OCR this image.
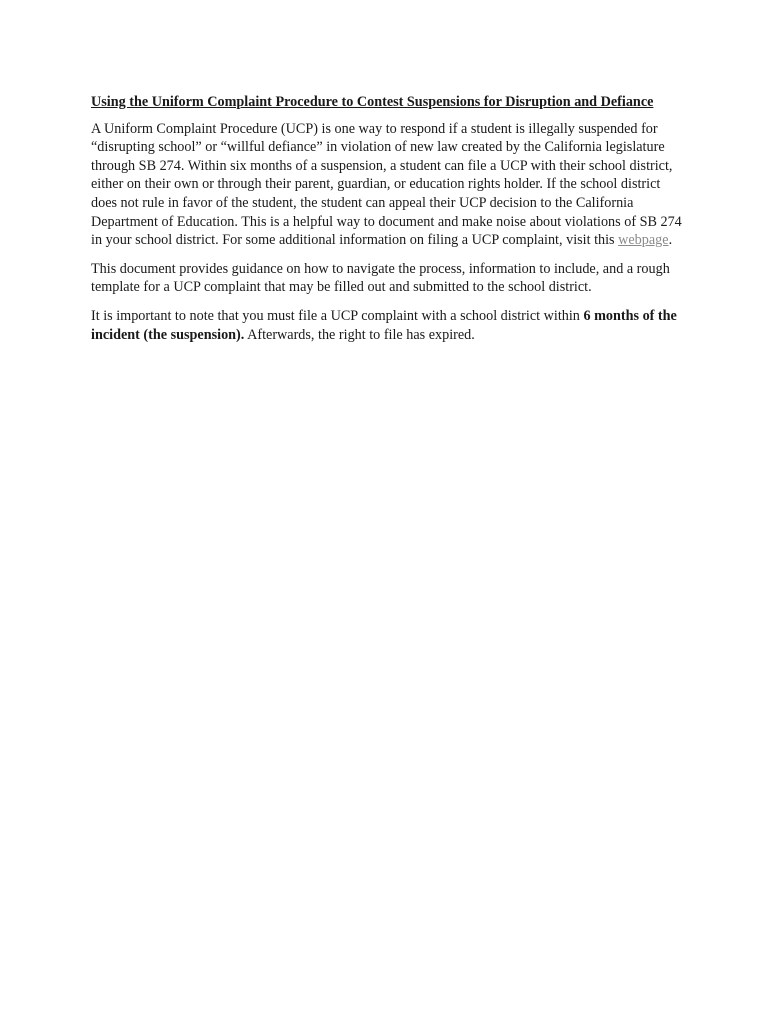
Using the Uniform Complaint Procedure to Contest Suspensions for Disruption and Defiance

A Uniform Complaint Procedure (UCP) is one way to respond if a student is illegally suspended for “disrupting school” or “willful defiance” in violation of new law created by the California legislature through SB 274. Within six months of a suspension, a student can file a UCP with their school district, either on their own or through their parent, guardian, or education rights holder. If the school district does not rule in favor of the student, the student can appeal their UCP decision to the California Department of Education. This is a helpful way to document and make noise about violations of SB 274 in your school district. For some additional information on filing a UCP complaint, visit this webpage.

This document provides guidance on how to navigate the process, information to include, and a rough template for a UCP complaint that may be filled out and submitted to the school district.

It is important to note that you must file a UCP complaint with a school district within 6 months of the incident (the suspension). Afterwards, the right to file has expired.
